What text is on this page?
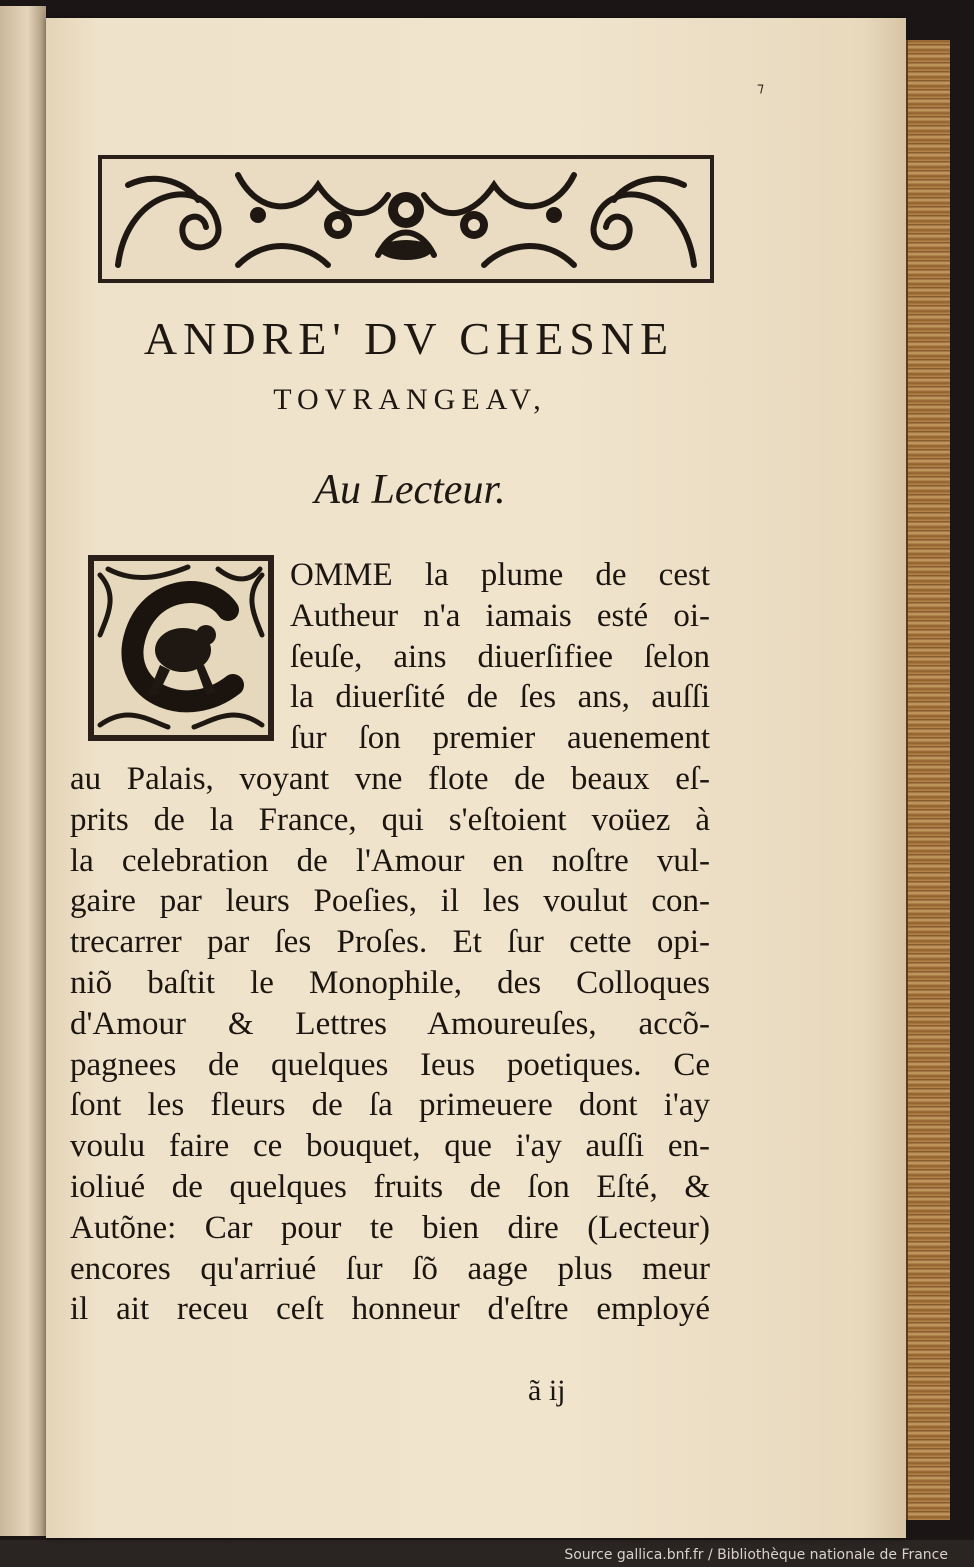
⁊
ANDRE' DV CHESNE
TOVRANGEAV,
Au Lecteur.
OMME la plume de cest
Autheur n'a iamais esté oi-
ſeuſe, ains diuerſifiee ſelon
la diuerſité de ſes ans, auſſi
ſur ſon premier auenement
au Palais, voyant vne flote de beaux eſ-
prits de la France, qui s'eſtoient voüez à
la celebration de l'Amour en noſtre vul-
gaire par leurs Poeſies, il les voulut con-
trecarrer par ſes Proſes. Et ſur cette opi-
niõ baſtit le Monophile, des Colloques
d'Amour & Lettres Amoureuſes, accõ-
pagnees de quelques Ieus poetiques. Ce
ſont les fleurs de ſa primeuere dont i'ay
voulu faire ce bouquet, que i'ay auſſi en-
ioliué de quelques fruits de ſon Eſté, &
Autõne: Car pour te bien dire (Lecteur)
encores qu'arriué ſur ſõ aage plus meur
il ait receu ceſt honneur d'eſtre employé
ã ij
Source gallica.bnf.fr / Bibliothèque nationale de France
